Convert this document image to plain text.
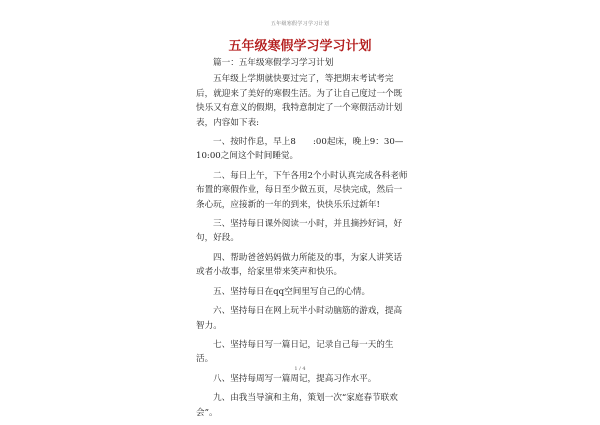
五年级寒假学习学习计划
五年级寒假学习学习计划

篇一：五年级寒假学习学习计划

五年级上学期就快要过完了，等把期末考试考完后，就迎来了美好的寒假生活。为了让自己度过一个既快乐又有意义的假期，我特意制定了一个寒假活动计划表，内容如下表:

一、按时作息，早上8　　:00起床，晚上9：30—10:00之间这个时间睡觉。

二、每日上午，下午各用2个小时认真完成各科老师布置的寒假作业，每日至少做五页，尽快完成，然后一条心玩，应接新的一年的到来，快快乐乐过新年!

三、坚持每日课外阅读一小时，并且摘抄好词，好句，好段。

四、帮助爸爸妈妈做力所能及的事，为家人讲笑话或者小故事，给家里带来笑声和快乐。

五、坚持每日在qq空间里写自己的心情。

六、坚持每日在网上玩半小时动脑筋的游戏，提高智力。

七、坚持每日写一篇日记，记录自己每一天的生活。

八、坚持每周写一篇周记，提高习作水平。

九、由我当导演和主角，策划一次“家庭春节联欢会”。

1 / 4
